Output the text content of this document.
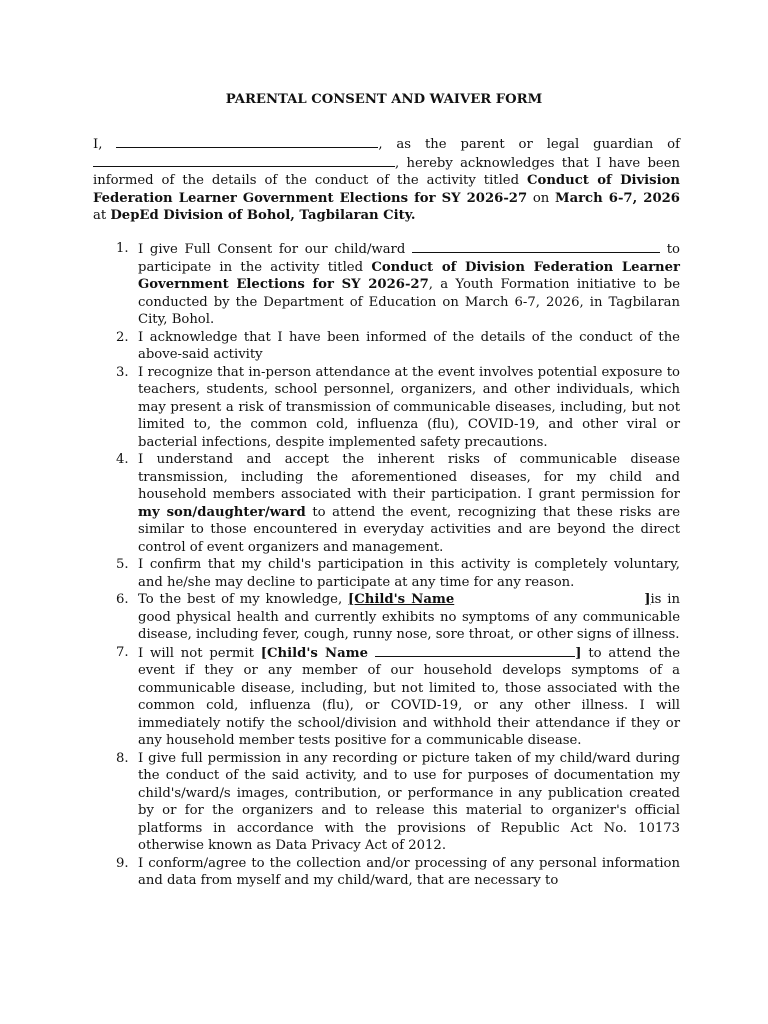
PARENTAL CONSENT AND WAIVER FORM
I,	, as the parent or legal guardian of , hereby acknowledges that I have been informed of the details of the conduct of the activity titled Conduct of Division Federation Learner Government Elections for SY 2026-27 on March 6-7, 2026 at DepEd Division of Bohol, Tagbilaran City.
1. I give Full Consent for our child/ward	to participate in the activity titled Conduct of Division Federation Learner Government Elections for SY 2026-27, a Youth Formation initiative to be conducted by the Department of Education on March 6-7, 2026, in Tagbilaran City, Bohol.
2. I acknowledge that I have been informed of the details of the conduct of the above-said activity
3. I recognize that in-person attendance at the event involves potential exposure to teachers, students, school personnel, organizers, and other individuals, which may present a risk of transmission of communicable diseases, including, but not limited to, the common cold, influenza (flu), COVID-19, and other viral or bacterial infections, despite implemented safety precautions.
4. I understand and accept the inherent risks of communicable disease transmission, including the aforementioned diseases, for my child and household members associated with their participation. I grant permission for my son/daughter/ward to attend the event, recognizing that these risks are similar to those encountered in everyday activities and are beyond the direct control of event organizers and management.
5. I confirm that my child's participation in this activity is completely voluntary, and he/she may decline to participate at any time for any reason.
6. To the best of my knowledge, [Child's Name	]is in good physical health and currently exhibits no symptoms of any communicable disease, including fever, cough, runny nose, sore throat, or other signs of illness.
7. I will not permit [Child's Name	] to attend the event if they or any member of our household develops symptoms of a communicable disease, including, but not limited to, those associated with the common cold, influenza (flu), or COVID-19, or any other illness. I will immediately notify the school/division and withhold their attendance if they or any household member tests positive for a communicable disease.
8. I give full permission in any recording or picture taken of my child/ward during the conduct of the said activity, and to use for purposes of documentation my child's/ward/s images, contribution, or performance in any publication created by or for the organizers and to release this material to organizer's official platforms in accordance with the provisions of Republic Act No. 10173 otherwise known as Data Privacy Act of 2012.
9. I conform/agree to the collection and/or processing of any personal information and data from myself and my child/ward, that are necessary to
